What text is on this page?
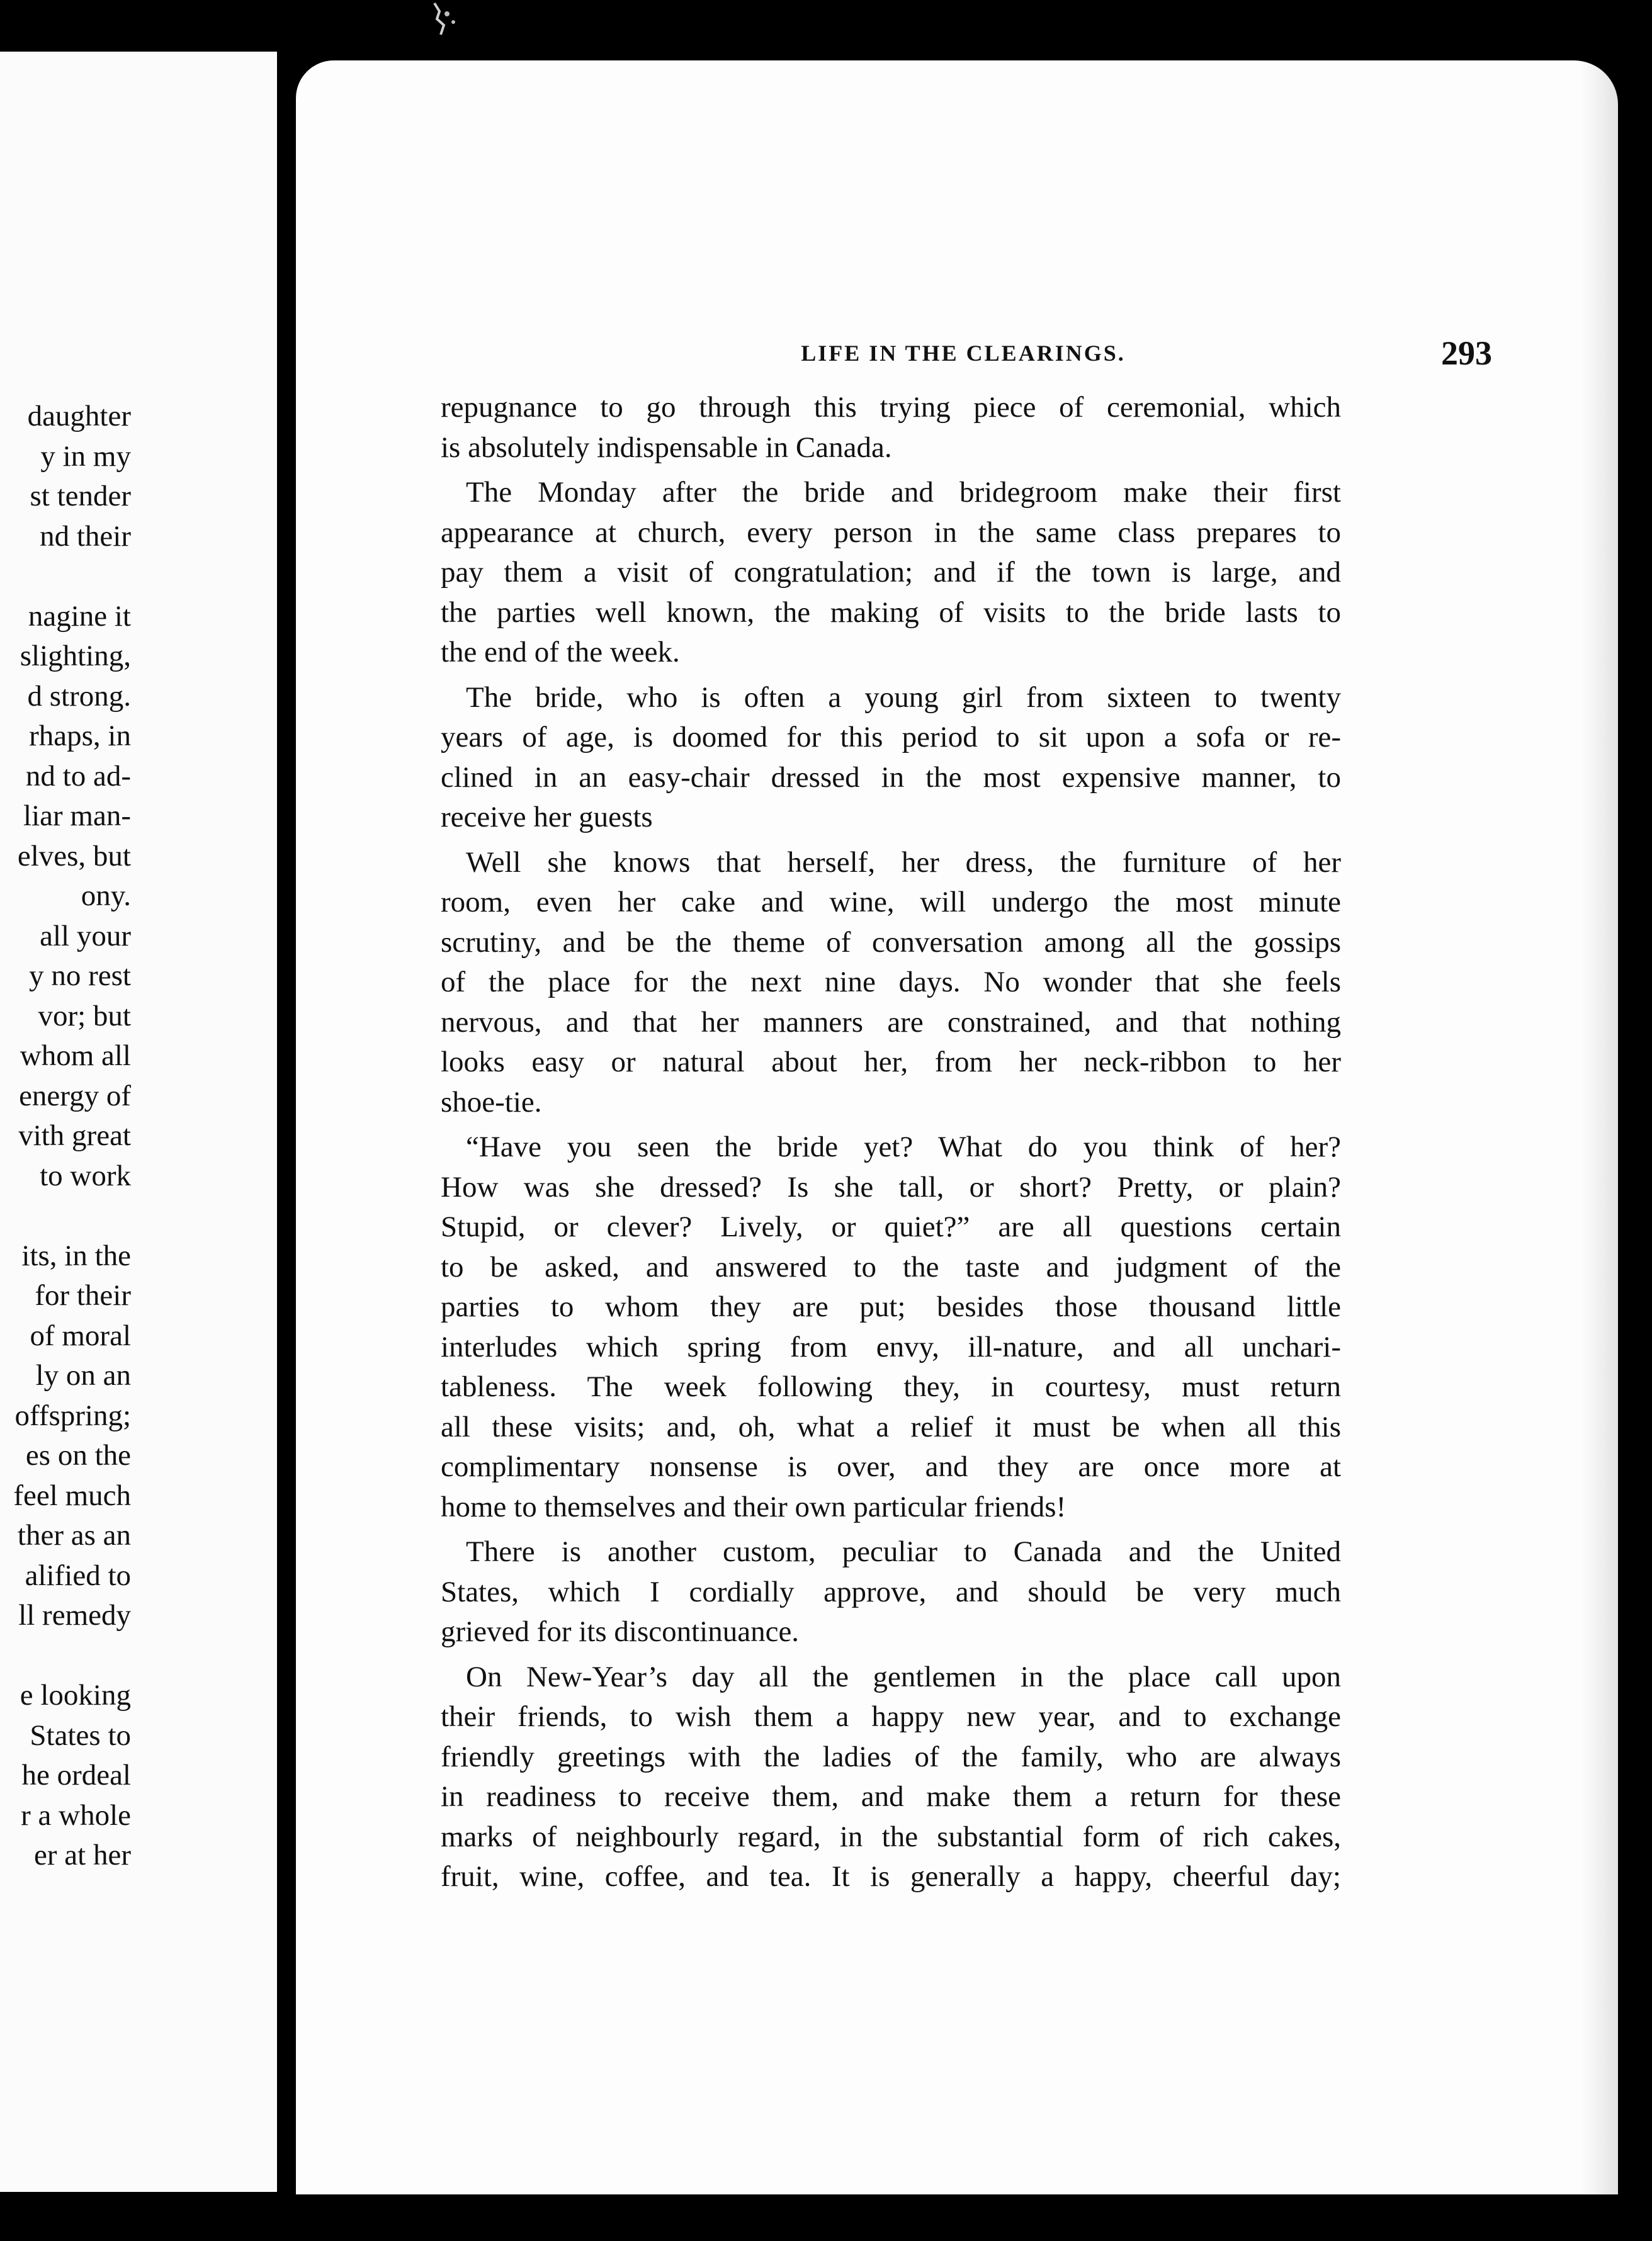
daughter
y in my
st tender
nd their
nagine it
slighting,
d strong.
rhaps, in
nd to ad-
liar man-
elves, but
ony.
all your
y no rest
vor; but
whom all
energy of
vith great
to work
its, in the
for their
of moral
ly on an
offspring;
es on the
feel much
ther as an
alified to
ll remedy
e looking
States to
he ordeal
r a whole
er at her
LIFE IN THE CLEARINGS.	293
repugnance to go through this trying piece of ceremonial, which
is absolutely indispensable in Canada.
The Monday after the bride and bridegroom make their first
appearance at church, every person in the same class prepares to
pay them a visit of congratulation; and if the town is large, and
the parties well known, the making of visits to the bride lasts to
the end of the week.
The bride, who is often a young girl from sixteen to twenty
years of age, is doomed for this period to sit upon a sofa or re-
clined in an easy-chair dressed in the most expensive manner, to
receive her guests
Well she knows that herself, her dress, the furniture of her
room, even her cake and wine, will undergo the most minute
scrutiny, and be the theme of conversation among all the gossips
of the place for the next nine days. No wonder that she feels
nervous, and that her manners are constrained, and that nothing
looks easy or natural about her, from her neck-ribbon to her
shoe-tie.
“Have you seen the bride yet? What do you think of her?
How was she dressed? Is she tall, or short? Pretty, or plain?
Stupid, or clever? Lively, or quiet?” are all questions certain
to be asked, and answered to the taste and judgment of the
parties to whom they are put; besides those thousand little
interludes which spring from envy, ill-nature, and all unchari-
tableness. The week following they, in courtesy, must return
all these visits; and, oh, what a relief it must be when all this
complimentary nonsense is over, and they are once more at
home to themselves and their own particular friends!
There is another custom, peculiar to Canada and the United
States, which I cordially approve, and should be very much
grieved for its discontinuance.
On New-Year’s day all the gentlemen in the place call upon
their friends, to wish them a happy new year, and to exchange
friendly greetings with the ladies of the family, who are always
in readiness to receive them, and make them a return for these
marks of neighbourly regard, in the substantial form of rich cakes,
fruit, wine, coffee, and tea. It is generally a happy, cheerful day;
